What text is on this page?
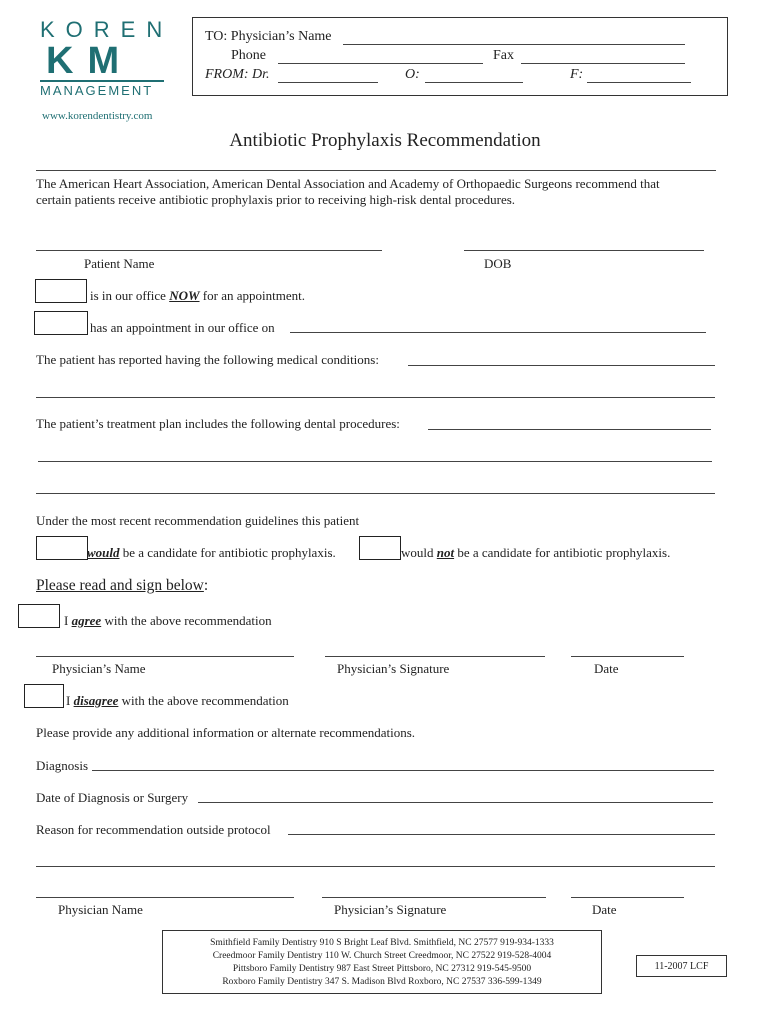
KOREN
KM
MANAGEMENT
www.korendentistry.com
TO: Physician’s Name
Phone	Fax
FROM: Dr.	O:	F:
Antibiotic Prophylaxis Recommendation
The American Heart Association, American Dental Association and Academy of Orthopaedic Surgeons recommend that
certain patients receive antibiotic prophylaxis prior to receiving high-risk dental procedures.
Patient Name	DOB
is in our office NOW for an appointment.
has an appointment in our office on
The patient has reported having the following medical conditions:
The patient’s treatment plan includes the following dental procedures:
Under the most recent recommendation guidelines this patient
would be a candidate for antibiotic prophylaxis.	would not be a candidate for antibiotic prophylaxis.
Please read and sign below:
I agree with the above recommendation
Physician’s Name	Physician’s Signature	Date
I disagree with the above recommendation
Please provide any additional information or alternate recommendations.
Diagnosis
Date of Diagnosis or Surgery
Reason for recommendation outside protocol
Physician Name	Physician’s Signature	Date
Smithfield Family Dentistry 910 S Bright Leaf Blvd. Smithfield, NC 27577 919-934-1333
Creedmoor Family Dentistry 110 W. Church Street Creedmoor, NC 27522 919-528-4004
Pittsboro Family Dentistry 987 East Street Pittsboro, NC 27312 919-545-9500
Roxboro Family Dentistry 347 S. Madison Blvd Roxboro, NC 27537 336-599-1349
11-2007 LCF
